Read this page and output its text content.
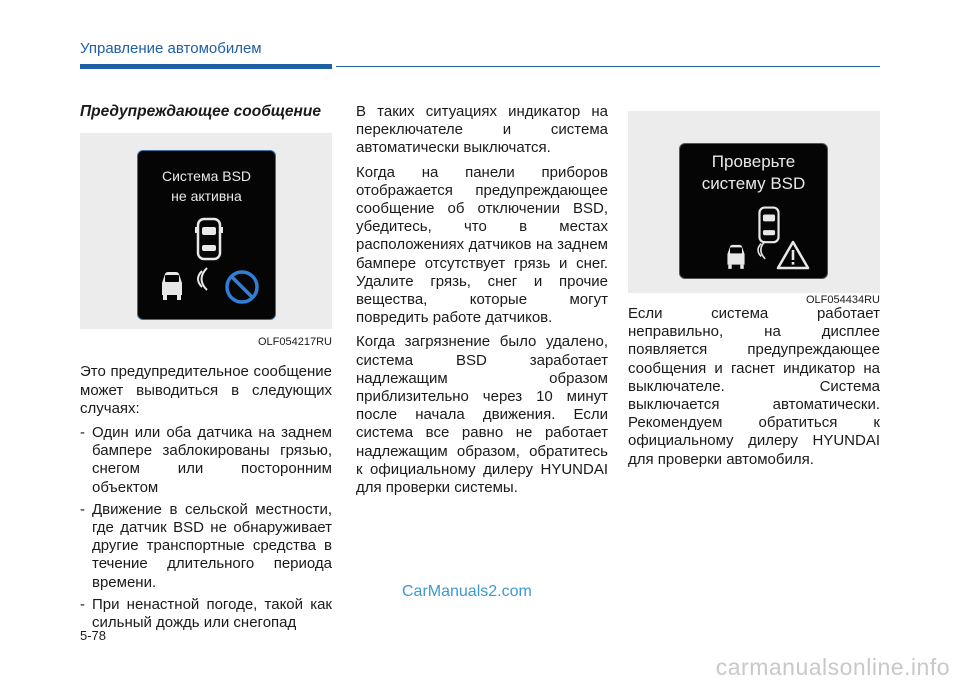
Управление автомобилем
Предупреждающее сообщение
Система BSD
не активна
OLF054217RU

Это предупредительное сообщение может выводиться в следующих случаях:

- Один или оба датчика на заднем бампере заблокированы грязью, снегом или посторонним объектом
- Движение в сельской местности, где датчик BSD не обнаруживает другие транспортные средства в течение длительного периода времени.
- При ненастной погоде, такой как сильный дождь или снегопад

В таких ситуациях индикатор на переключателе и система автоматически выключатся.

Когда на панели приборов отображается предупреждающее сообщение об отключении BSD, убедитесь, что в местах расположениях датчиков на заднем бампере отсутствует грязь и снег. Удалите грязь, снег и прочие вещества, которые могут повредить работе датчиков.

Когда загрязнение было удалено, система BSD заработает надлежащим образом приблизительно через 10 минут после начала движения. Если система все равно не работает надлежащим образом, обратитесь к официальному дилеру HYUNDAI для проверки системы.

Проверьте
систему BSD
OLF054434RU

Если система работает неправильно, на дисплее появляется предупреждающее сообщения и гаснет индикатор на выключателе. Система выключается автоматически. Рекомендуем обратиться к официальному дилеру HYUNDAI для проверки автомобиля.

CarManuals2.com
5-78
carmanualsonline.info
